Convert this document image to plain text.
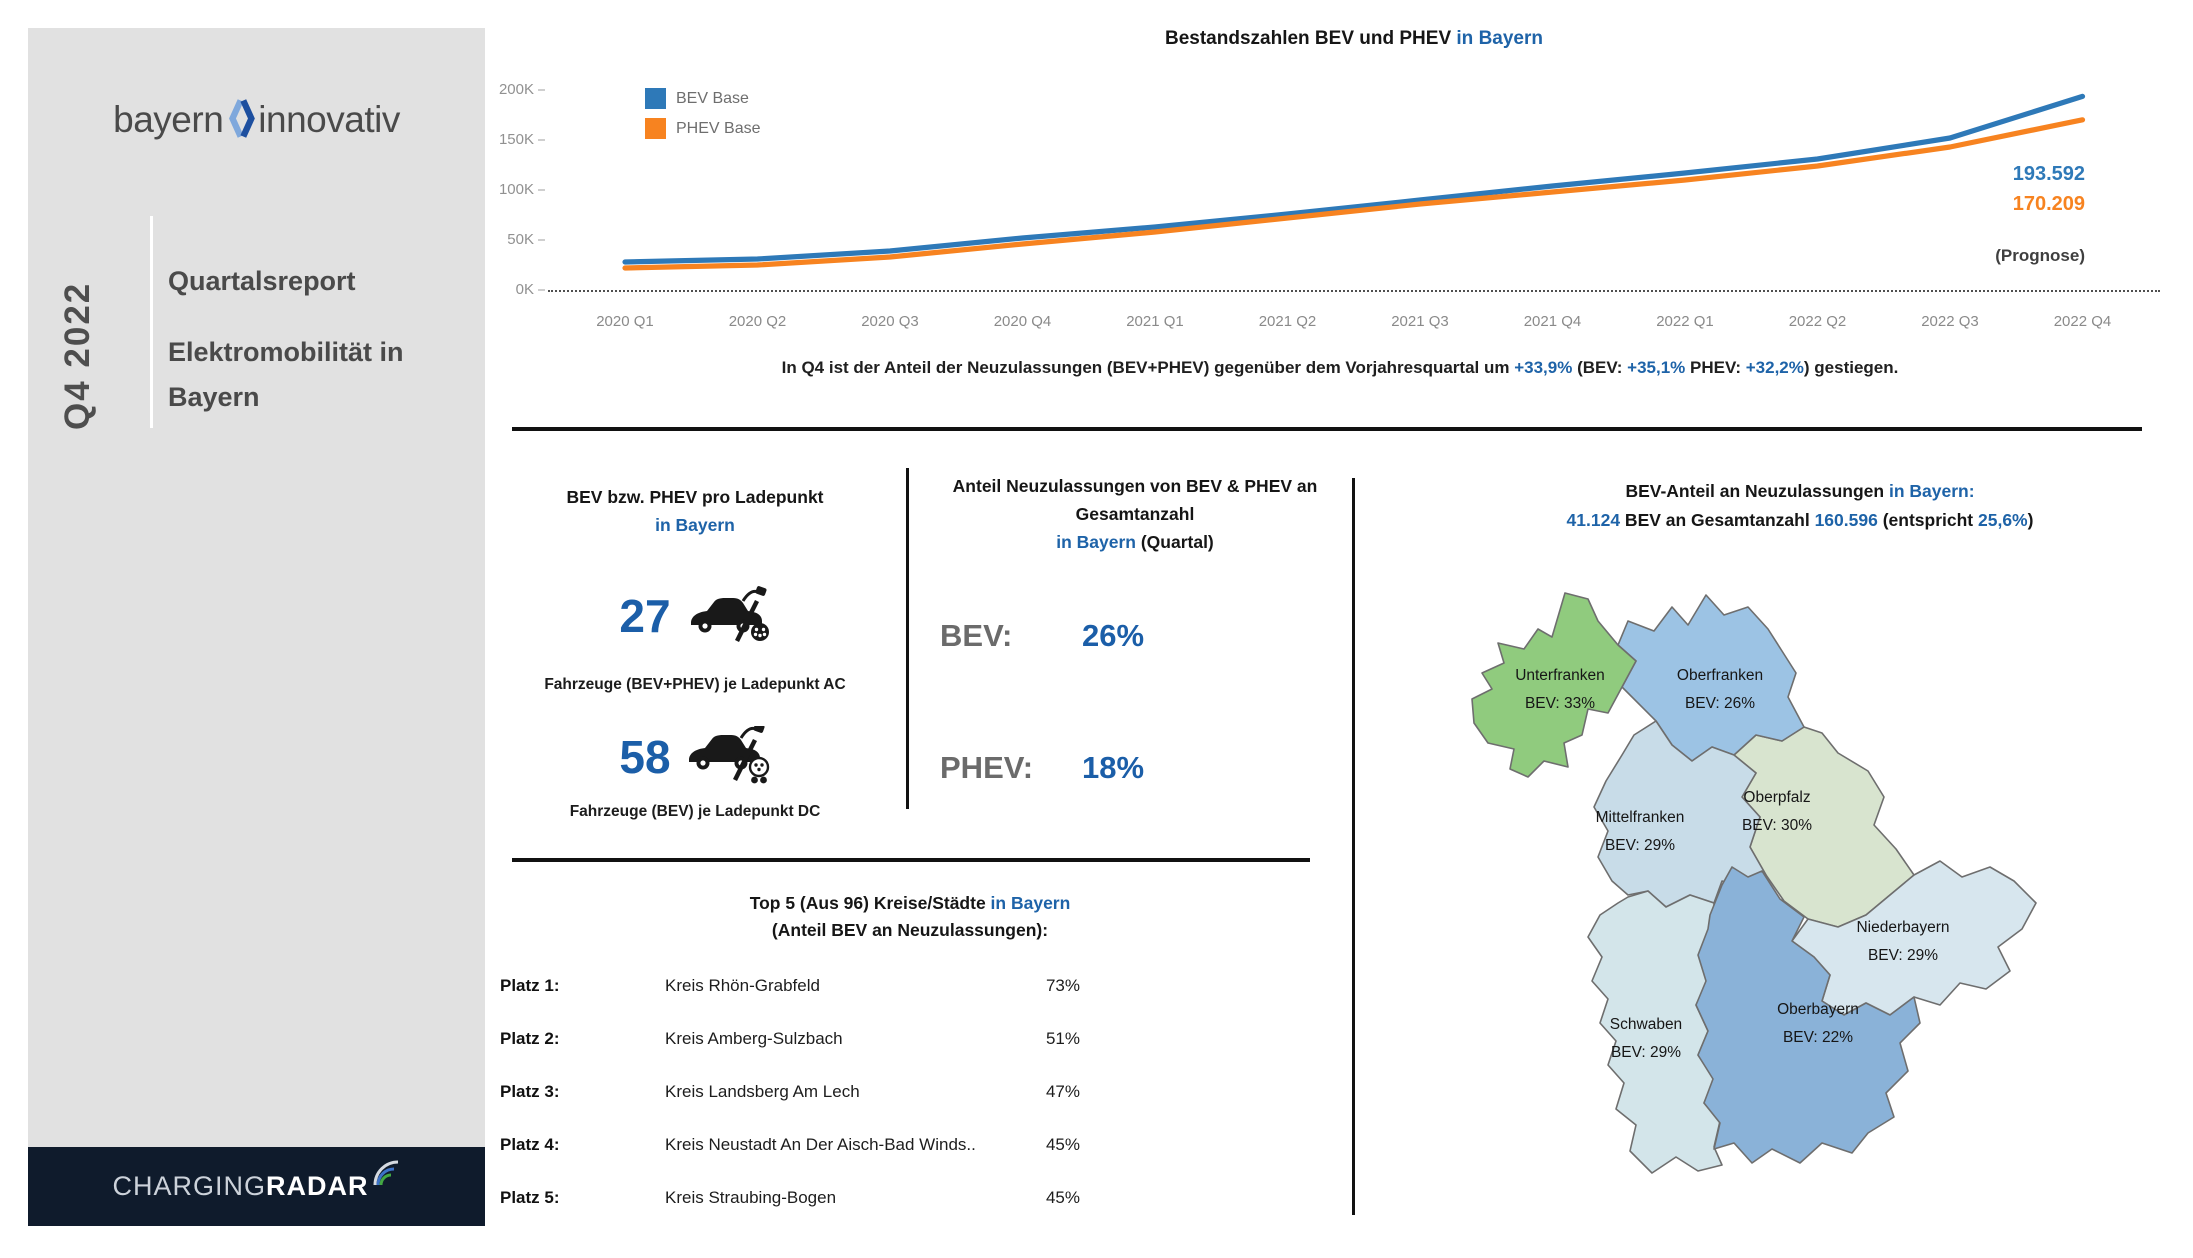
bayern innovativ
Q4 2022
Quartalsreport
Elektromobilität in
Bayern
CHARGING RADAR
Bestandszahlen BEV und PHEV in Bayern
BEV Base
PHEV Base
0K
50K
100K
150K
200K
2020 Q1	2020 Q2	2020 Q3	2020 Q4	2021 Q1	2021 Q2	2021 Q3	2021 Q4	2022 Q1	2022 Q2	2022 Q3	2022 Q4
193.592
170.209
(Prognose)
In Q4 ist der Anteil der Neuzulassungen (BEV+PHEV) gegenüber dem Vorjahresquartal um +33,9% (BEV: +35,1% PHEV: +32,2%) gestiegen.
BEV bzw. PHEV pro Ladepunkt
in Bayern
27
Fahrzeuge (BEV+PHEV) je Ladepunkt AC
58
Fahrzeuge (BEV) je Ladepunkt DC
Anteil Neuzulassungen von BEV & PHEV an
Gesamtanzahl
in Bayern (Quartal)
BEV: 26%
PHEV: 18%
Top 5 (Aus 96) Kreise/Städte in Bayern
(Anteil BEV an Neuzulassungen):
Platz 1:	Kreis Rhön-Grabfeld	73%
Platz 2:	Kreis Amberg-Sulzbach	51%
Platz 3:	Kreis Landsberg Am Lech	47%
Platz 4:	Kreis Neustadt An Der Aisch-Bad Winds..	45%
Platz 5:	Kreis Straubing-Bogen	45%
BEV-Anteil an Neuzulassungen in Bayern:
41.124 BEV an Gesamtanzahl 160.596 (entspricht 25,6%)
Unterfranken
BEV: 33%
Oberfranken
BEV: 26%
Mittelfranken
BEV: 29%
Oberpfalz
BEV: 30%
Niederbayern
BEV: 29%
Schwaben
BEV: 29%
Oberbayern
BEV: 22%
